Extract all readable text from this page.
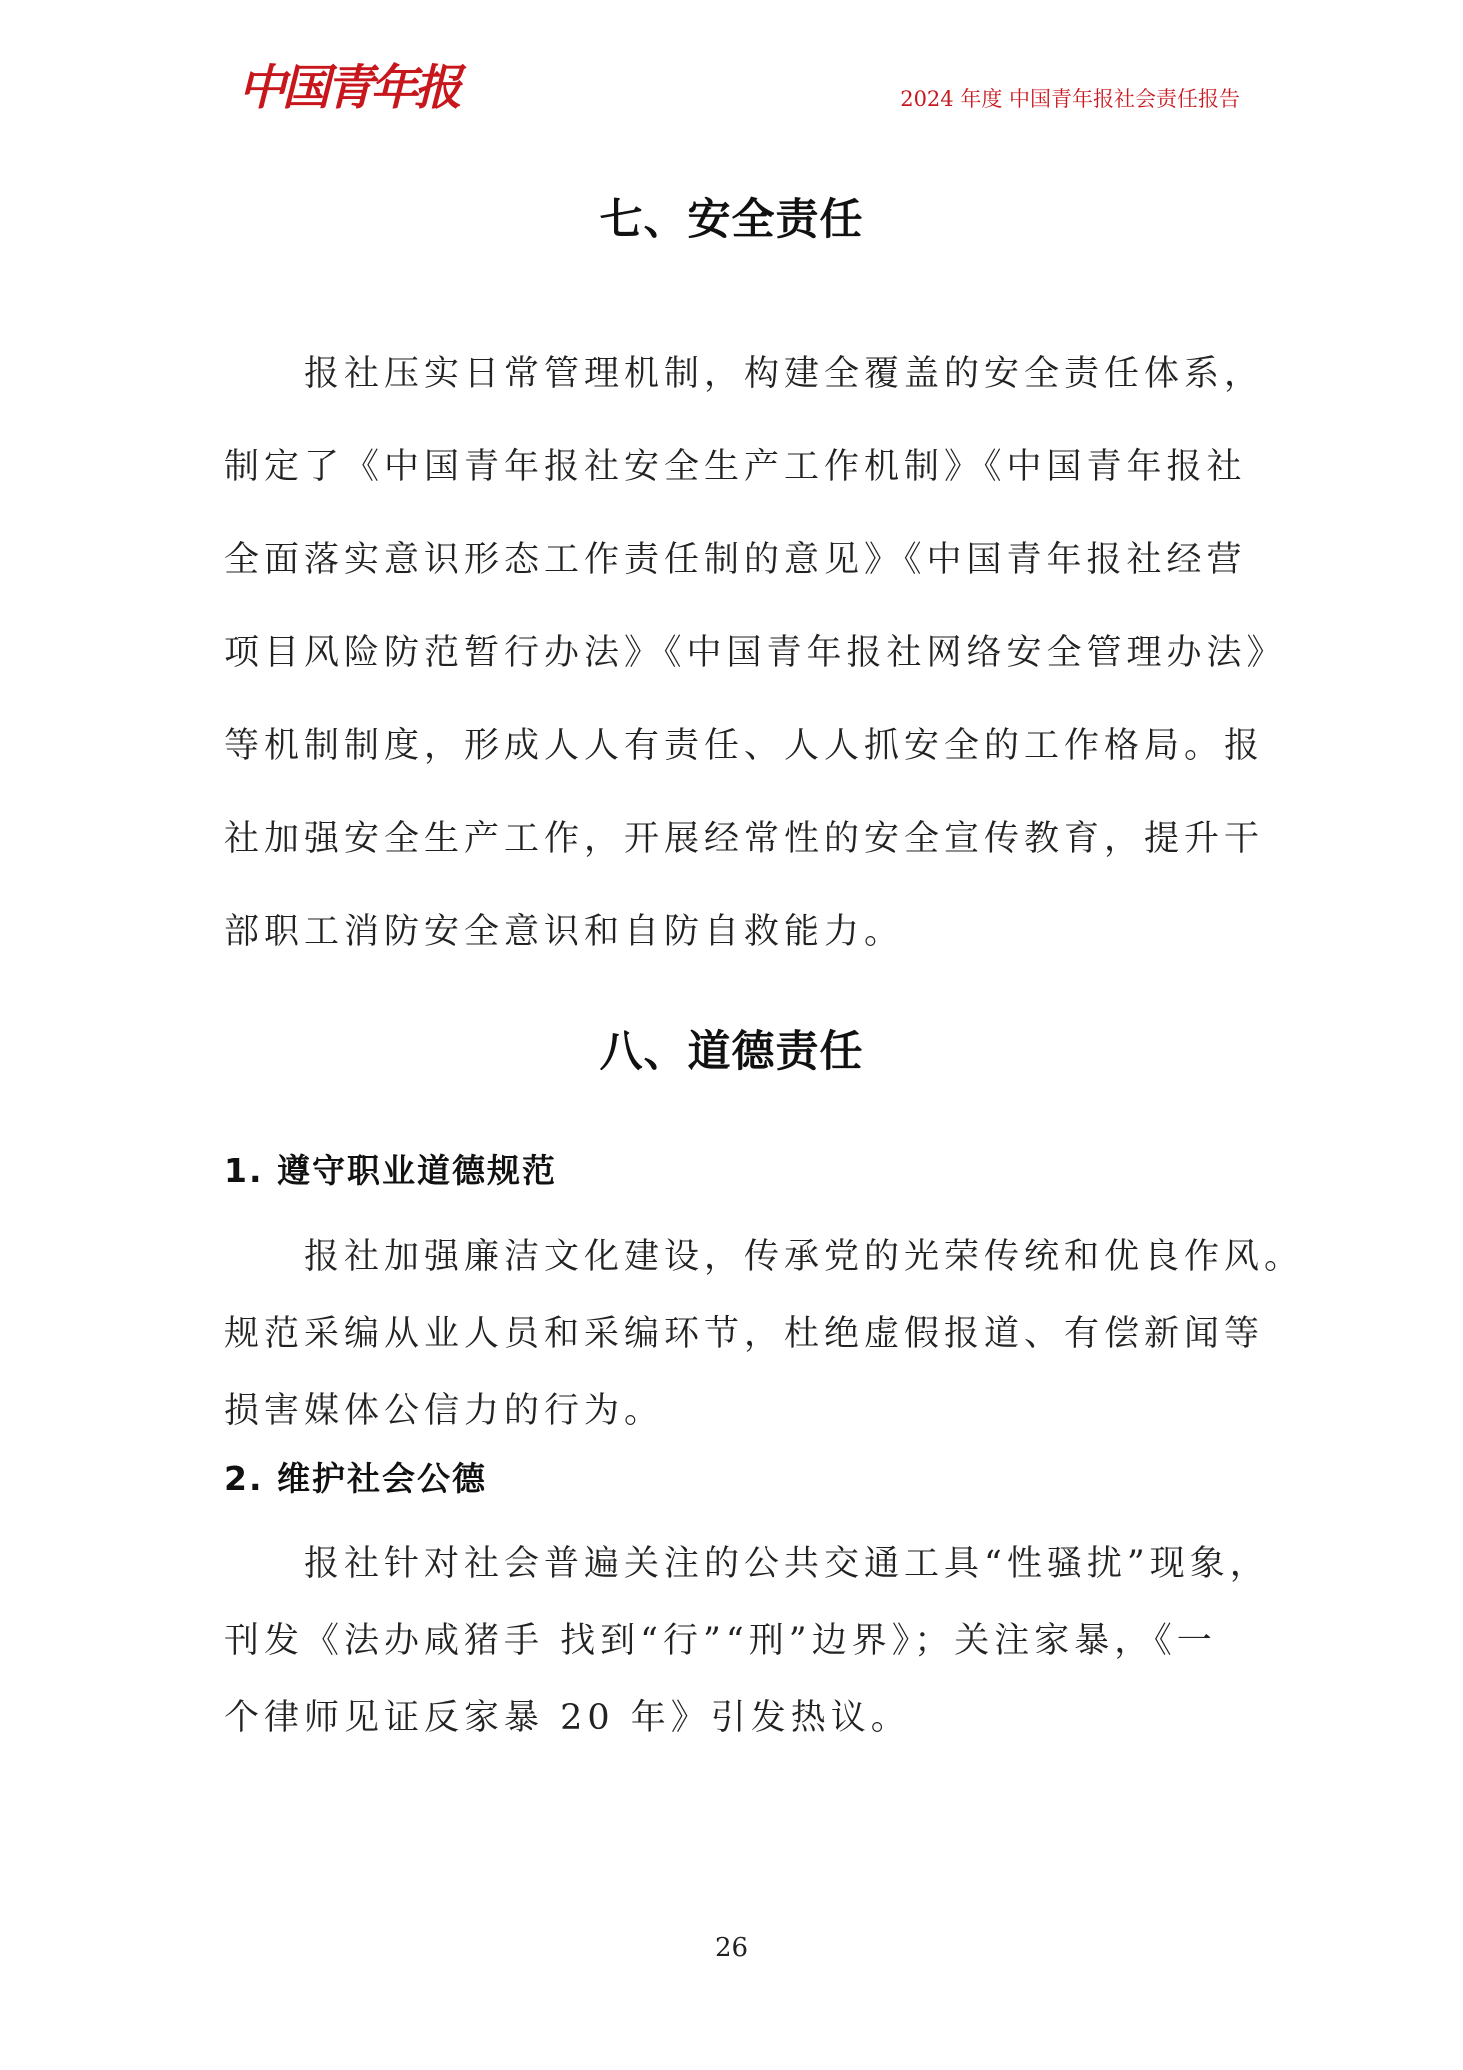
中国青年报	2024 年度 中国青年报社会责任报告
七、安全责任
报社压实日常管理机制，构建全覆盖的安全责任体系，
制定了《中国青年报社安全生产工作机制》《中国青年报社
全面落实意识形态工作责任制的意见》《中国青年报社经营
项目风险防范暂行办法》《中国青年报社网络安全管理办法》
等机制制度，形成人人有责任、人人抓安全的工作格局。报
社加强安全生产工作，开展经常性的安全宣传教育，提升干
部职工消防安全意识和自防自救能力。
八、道德责任
1. 遵守职业道德规范
报社加强廉洁文化建设，传承党的光荣传统和优良作风。
规范采编从业人员和采编环节，杜绝虚假报道、有偿新闻等
损害媒体公信力的行为。
2. 维护社会公德
报社针对社会普遍关注的公共交通工具“性骚扰”现象，
刊发《法办咸猪手 找到“行”“刑”边界》；关注家暴，《一
个律师见证反家暴 20 年》引发热议。
26
